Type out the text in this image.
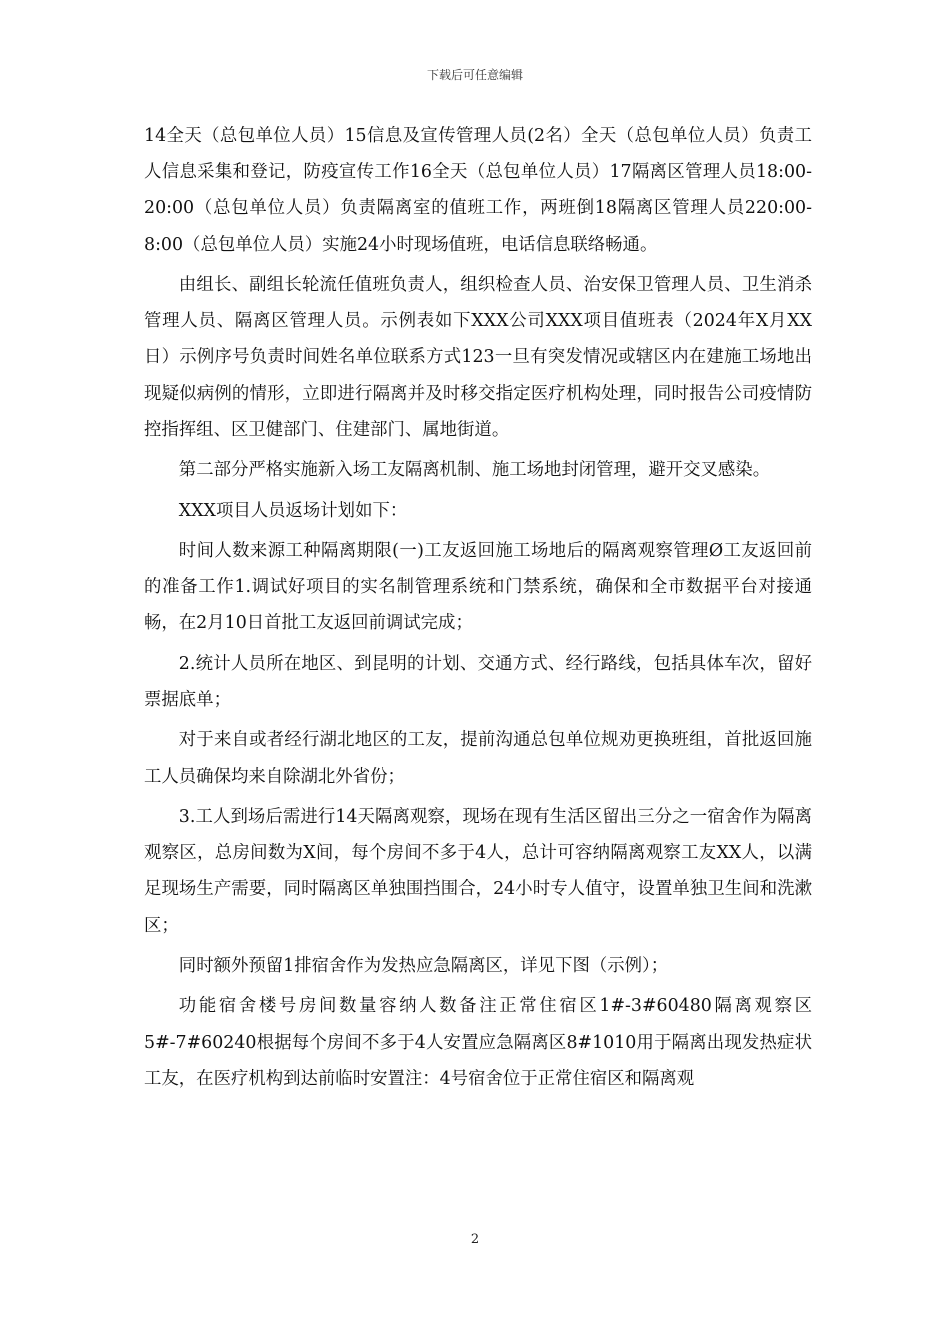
下载后可任意编辑

14全天（总包单位人员）15信息及宣传管理人员(2名）全天（总包单位人员）负责工人信息采集和登记，防疫宣传工作16全天（总包单位人员）17隔离区管理人员18:00-20:00（总包单位人员）负责隔离室的值班工作，两班倒18隔离区管理人员220:00-8:00（总包单位人员）实施24小时现场值班，电话信息联络畅通。

由组长、副组长轮流任值班负责人，组织检查人员、治安保卫管理人员、卫生消杀管理人员、隔离区管理人员。示例表如下XXX公司XXX项目值班表（2024年X月XX日）示例序号负责时间姓名单位联系方式123一旦有突发情况或辖区内在建施工场地出现疑似病例的情形，立即进行隔离并及时移交指定医疗机构处理，同时报告公司疫情防控指挥组、区卫健部门、住建部门、属地街道。

第二部分严格实施新入场工友隔离机制、施工场地封闭管理，避开交叉感染。

XXX项目人员返场计划如下：

时间人数来源工种隔离期限(一)工友返回施工场地后的隔离观察管理Ø工友返回前的准备工作1.调试好项目的实名制管理系统和门禁系统，确保和全市数据平台对接通畅，在2月10日首批工友返回前调试完成；

2.统计人员所在地区、到昆明的计划、交通方式、经行路线，包括具体车次，留好票据底单；

对于来自或者经行湖北地区的工友，提前沟通总包单位规劝更换班组，首批返回施工人员确保均来自除湖北外省份；

3.工人到场后需进行14天隔离观察，现场在现有生活区留出三分之一宿舍作为隔离观察区，总房间数为X间，每个房间不多于4人，总计可容纳隔离观察工友XX人，以满足现场生产需要，同时隔离区单独围挡围合，24小时专人值守，设置单独卫生间和洗漱区；

同时额外预留1排宿舍作为发热应急隔离区，详见下图（示例）；

功能宿舍楼号房间数量容纳人数备注正常住宿区1#-3#60480隔离观察区5#-7#60240根据每个房间不多于4人安置应急隔离区8#1010用于隔离出现发热症状工友，在医疗机构到达前临时安置注：4号宿舍位于正常住宿区和隔离观

2
